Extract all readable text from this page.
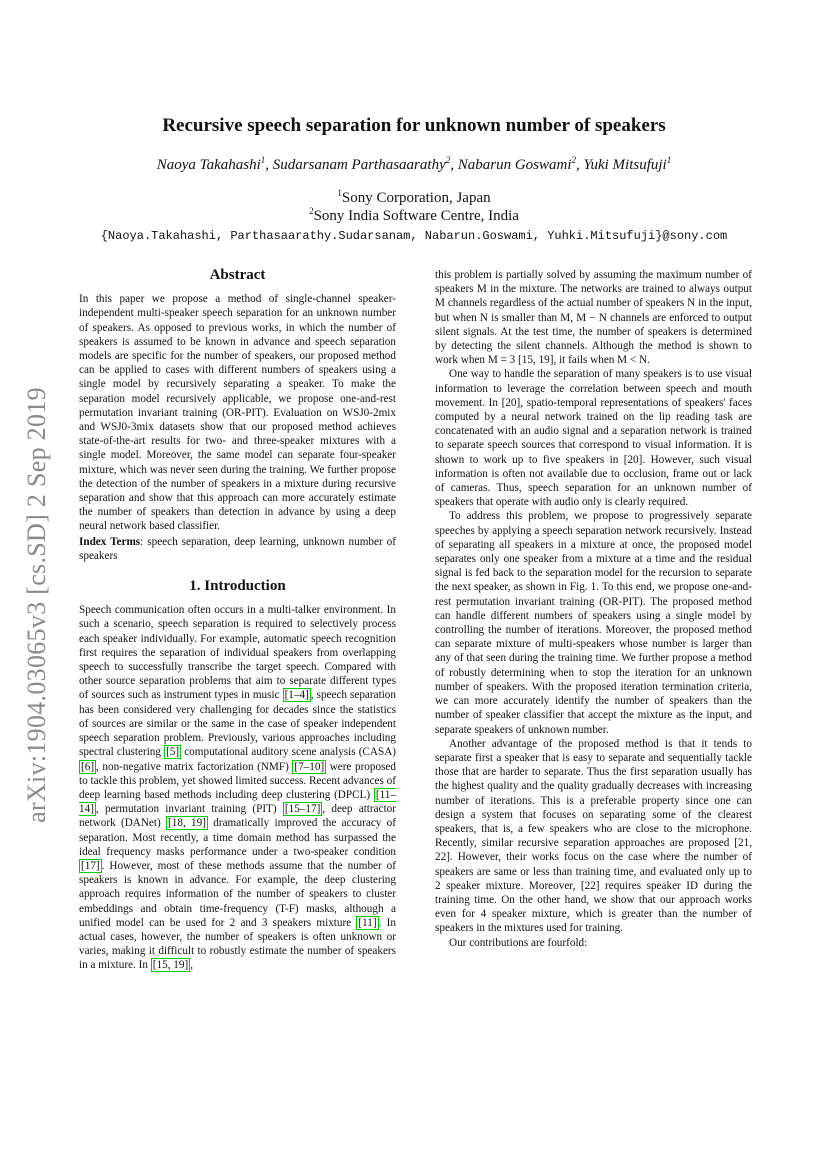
arXiv:1904.03065v3 [cs.SD] 2 Sep 2019
Recursive speech separation for unknown number of speakers
Naoya Takahashi$^1$, Sudarsanam Parthasaarathy$^2$, Nabarun Goswami$^2$, Yuki Mitsufuji$^1$
$^1$Sony Corporation, Japan
$^2$Sony India Software Centre, India
{Naoya.Takahashi, Parthasaarathy.Sudarsanam, Nabarun.Goswami, Yuhki.Mitsufuji}@sony.com
Abstract

In this paper we propose a method of single-channel speaker-independent multi-speaker speech separation for an unknown number of speakers. As opposed to previous works, in which the number of speakers is assumed to be known in advance and speech separation models are specific for the number of speakers, our proposed method can be applied to cases with different numbers of speakers using a single model by recursively separating a speaker. To make the separation model recursively applicable, we propose one-and-rest permutation invariant training (OR-PIT). Evaluation on WSJ0-2mix and WSJ0-3mix datasets show that our proposed method achieves state-of-the-art results for two- and three-speaker mixtures with a single model. Moreover, the same model can separate four-speaker mixture, which was never seen during the training. We further propose the detection of the number of speakers in a mixture during recursive separation and show that this approach can more accurately estimate the number of speakers than detection in advance by using a deep neural network based classifier.

Index Terms: speech separation, deep learning, unknown number of speakers

1. Introduction

Speech communication often occurs in a multi-talker environment. In such a scenario, speech separation is required to selectively process each speaker individually. For example, automatic speech recognition first requires the separation of individual speakers from overlapping speech to successfully transcribe the target speech. Compared with other source separation problems that aim to separate different types of sources such as instrument types in music [1–4] , speech separation has been considered very challenging for decades since the statistics of sources are similar or the same in the case of speaker independent speech separation problem. Previously, various approaches including spectral clustering [5] computational auditory scene analysis (CASA) [6] , non-negative matrix factorization (NMF) [7–10] were proposed to tackle this problem, yet showed limited success. Recent advances of deep learning based methods including deep clustering (DPCL) [11–14] , permutation invariant training (PIT) [15–17] , deep attractor network (DANet) [18, 19] dramatically improved the accuracy of separation. Most recently, a time domain method has surpassed the ideal frequency masks performance under a two-speaker condition [17] . However, most of these methods assume that the number of speakers is known in advance. For example, the deep clustering approach requires information of the number of speakers to cluster embeddings and obtain time-frequency (T-F) masks, although a unified model can be used for 2 and 3 speakers mixture [11] . In actual cases, however, the number of speakers is often unknown or varies, making it difficult to robustly estimate the number of speakers in a mixture. In [15, 19] ,

this problem is partially solved by assuming the maximum number of speakers M in the mixture. The networks are trained to always output M channels regardless of the actual number of speakers N in the input, but when N is smaller than M, M − N channels are enforced to output silent signals. At the test time, the number of speakers is determined by detecting the silent channels. Although the method is shown to work when M = 3 [15, 19], it fails when M < N.

One way to handle the separation of many speakers is to use visual information to leverage the correlation between speech and mouth movement. In [20], spatio-temporal representations of speakers' faces computed by a neural network trained on the lip reading task are concatenated with an audio signal and a separation network is trained to separate speech sources that correspond to visual information. It is shown to work up to five speakers in [20]. However, such visual information is often not available due to occlusion, frame out or lack of cameras. Thus, speech separation for an unknown number of speakers that operate with audio only is clearly required.

To address this problem, we propose to progressively separate speeches by applying a speech separation network recursively. Instead of separating all speakers in a mixture at once, the proposed model separates only one speaker from a mixture at a time and the residual signal is fed back to the separation model for the recursion to separate the next speaker, as shown in Fig. 1. To this end, we propose one-and-rest permutation invariant training (OR-PIT). The proposed method can handle different numbers of speakers using a single model by controlling the number of iterations. Moreover, the proposed method can separate mixture of multi-speakers whose number is larger than any of that seen during the training time. We further propose a method of robustly determining when to stop the iteration for an unknown number of speakers. With the proposed iteration termination criteria, we can more accurately identify the number of speakers than the number of speaker classifier that accept the mixture as the input, and separate speakers of unknown number.

Another advantage of the proposed method is that it tends to separate first a speaker that is easy to separate and sequentially tackle those that are harder to separate. Thus the first separation usually has the highest quality and the quality gradually decreases with increasing number of iterations. This is a preferable property since one can design a system that focuses on separating some of the clearest speakers, that is, a few speakers who are close to the microphone. Recently, similar recursive separation approaches are proposed [21, 22]. However, their works focus on the case where the number of speakers are same or less than training time, and evaluated only up to 2 speaker mixture. Moreover, [22] requires speaker ID during the training time. On the other hand, we show that our approach works even for 4 speaker mixture, which is greater than the number of speakers in the mixtures used for training.

Our contributions are fourfold:
